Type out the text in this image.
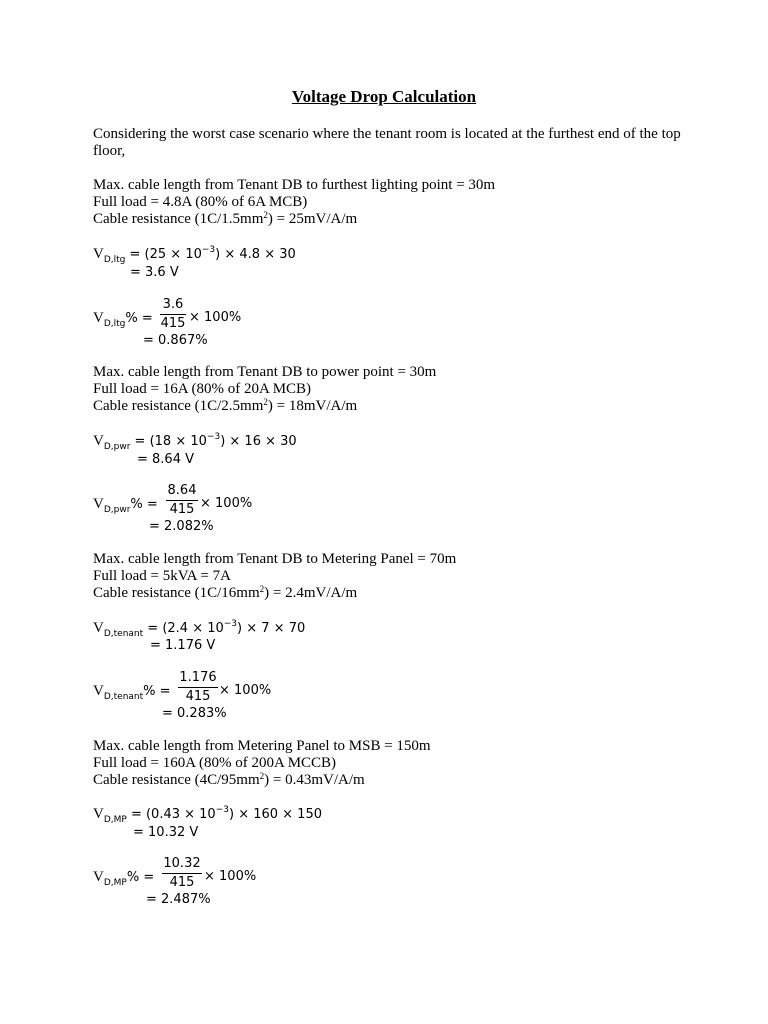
Voltage Drop Calculation
Considering the worst case scenario where the tenant room is located at the furthest end of the top floor,
Max. cable length from Tenant DB to furthest lighting point = 30m
Full load = 4.8A (80% of 6A MCB)
Cable resistance $(1C/1.5mm^2) = 25mV/A/m$
$V_{D,ltg} = (25 \times 10^{-3}) \times 4.8 \times 30$
= 3.6 V
$V_{D,ltg}\%$ =
3.6
415 × 100%
= 0.867%
Max. cable length from Tenant DB to power point = 30m
Full load = 16A (80% of 20A MCB)
Cable resistance $(1C/2.5mm^2) = 18mV/A/m$
$V_{D,pwr} = (18 \times 10^{-3}) \times 16 \times 30$
= 8.64 V
$V_{D,pwr}\%$ =
8.64
415 × 100%
= 2.082%
Max. cable length from Tenant DB to Metering Panel = 70m
Full load = 5kVA = 7A
Cable resistance $(1C/16mm^2) = 2.4mV/A/m$
$V_{D,tenant} = (2.4 \times 10^{-3}) \times 7 \times 70$
= 1.176 V
$V_{D,tenant}\%$ =
1.176
415 × 100%
= 0.283%
Max. cable length from Metering Panel to MSB = 150m
Full load = 160A (80% of 200A MCCB)
Cable resistance $(4C/95mm^2) = 0.43mV/A/m$
$V_{D,MP} = (0.43 \times 10^{-3}) \times 160 \times 150$
= 10.32 V
$V_{D,MP}\%$ =
10.32
415 × 100%
= 2.487%
